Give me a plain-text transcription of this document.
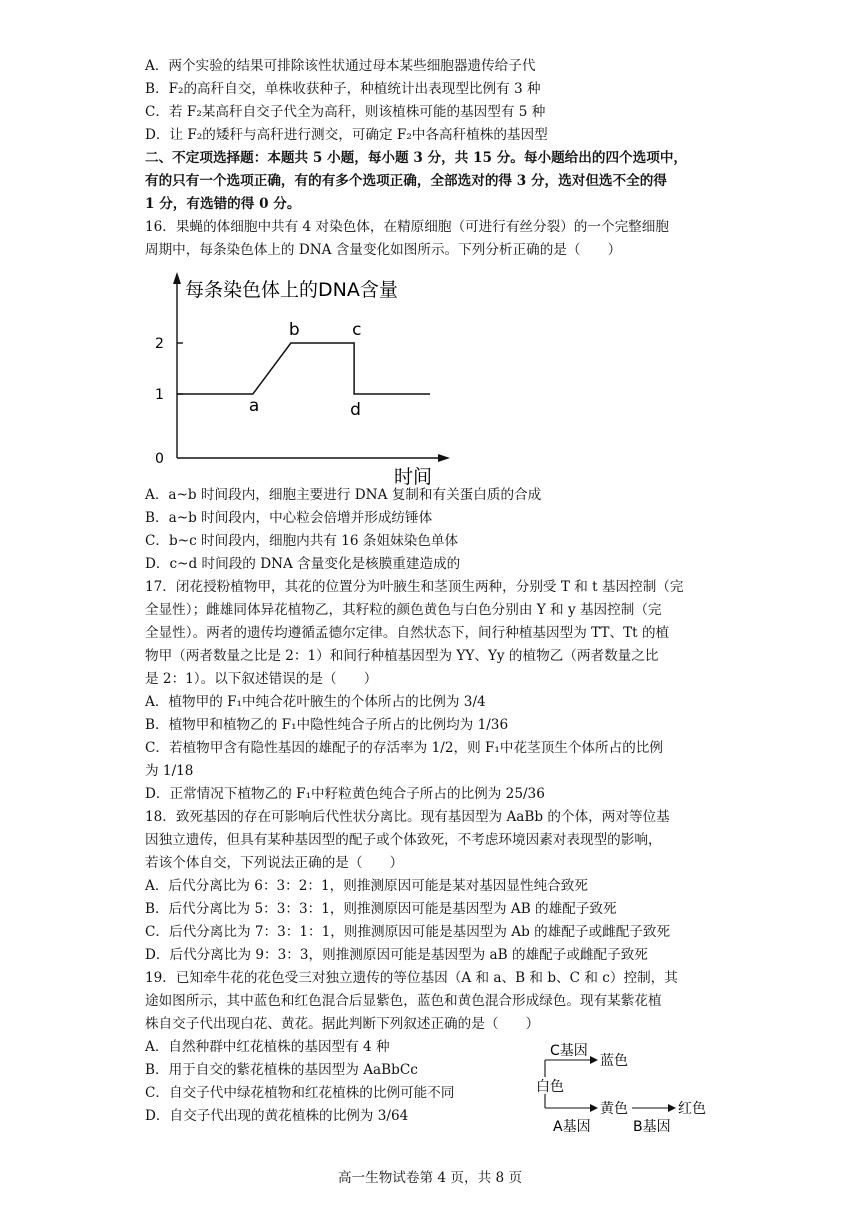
A．两个实验的结果可排除该性状通过母本某些细胞器遗传给子代
B．F₂的高秆自交，单株收获种子，种植统计出表现型比例有 3 种
C．若 F₂某高秆自交子代全为高秆，则该植株可能的基因型有 5 种
D．让 F₂的矮秆与高秆进行测交，可确定 F₂中各高秆植株的基因型
二、不定项选择题：本题共 5 小题，每小题 3 分，共 15 分。每小题给出的四个选项中，
有的只有一个选项正确，有的有多个选项正确，全部选对的得 3 分，选对但选不全的得
1 分，有选错的得 0 分。
16．果蝇的体细胞中共有 4 对染色体，在精原细胞（可进行有丝分裂）的一个完整细胞
周期中，每条染色体上的 DNA 含量变化如图所示。下列分析正确的是（　　）
A．a~b 时间段内，细胞主要进行 DNA 复制和有关蛋白质的合成
B．a~b 时间段内，中心粒会倍增并形成纺锤体
C．b~c 时间段内，细胞内共有 16 条姐妹染色单体
D．c~d 时间段的 DNA 含量变化是核膜重建造成的
17．闭花授粉植物甲，其花的位置分为叶腋生和茎顶生两种，分别受 T 和 t 基因控制（完
全显性）；雌雄同体异花植物乙，其籽粒的颜色黄色与白色分别由 Y 和 y 基因控制（完
全显性）。两者的遗传均遵循孟德尔定律。自然状态下，间行种植基因型为 TT、Tt 的植
物甲（两者数量之比是 2：1）和间行种植基因型为 YY、Yy 的植物乙（两者数量之比
是 2：1）。以下叙述错误的是（　　）
A．植物甲的 F₁中纯合花叶腋生的个体所占的比例为 3/4
B．植物甲和植物乙的 F₁中隐性纯合子所占的比例均为 1/36
C．若植物甲含有隐性基因的雄配子的存活率为 1/2，则 F₁中花茎顶生个体所占的比例
为 1/18
D．正常情况下植物乙的 F₁中籽粒黄色纯合子所占的比例为 25/36
18．致死基因的存在可影响后代性状分离比。现有基因型为 AaBb 的个体，两对等位基
因独立遗传，但具有某种基因型的配子或个体致死，不考虑环境因素对表现型的影响，
若该个体自交，下列说法正确的是（　　）
A．后代分离比为 6：3：2：1，则推测原因可能是某对基因显性纯合致死
B．后代分离比为 5：3：3：1，则推测原因可能是基因型为 AB 的雄配子致死
C．后代分离比为 7：3：1：1，则推测原因可能是基因型为 Ab 的雄配子或雌配子致死
D．后代分离比为 9：3：3，则推测原因可能是基因型为 aB 的雄配子或雌配子致死
19．已知牵牛花的花色受三对独立遗传的等位基因（A 和 a、B 和 b、C 和 c）控制，其
途如图所示，其中蓝色和红色混合后显紫色，蓝色和黄色混合形成绿色。现有某紫花植
株自交子代出现白花、黄花。据此判断下列叙述正确的是（　　）
A．自然种群中红花植株的基因型有 4 种
B．用于自交的紫花植株的基因型为 AaBbCc
C．自交子代中绿花植物和红花植株的比例可能不同
D．自交子代出现的黄花植株的比例为 3/64
每条染色体上的DNA含量
时间
0
1
2
a
b	c
d
C基因
蓝色
白色
黄色	红色
A基因	B基因
高一生物试卷第 4 页，共 8 页
